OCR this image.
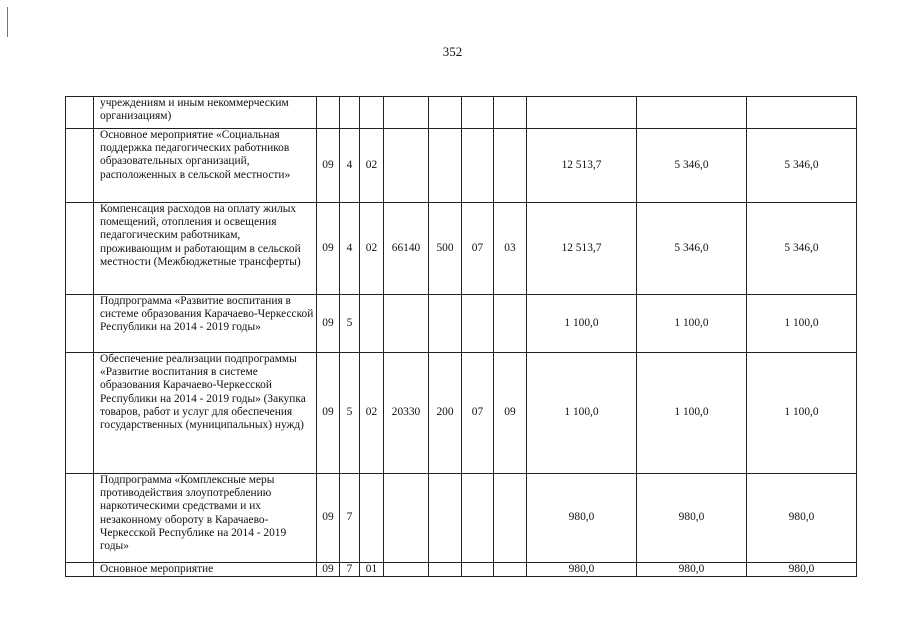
352
	учреждениям и иным некоммерческим организациям)										
	Основное мероприятие «Социальная поддержка педагогических работников образовательных организаций, расположенных в сельской местности»	09	4	02					12 513,7	5 346,0	5 346,0
	Компенсация расходов на оплату жилых помещений, отопления и освещения педагогическим работникам, проживающим и работающим в сельской местности (Межбюджетные трансферты)	09	4	02	66140	500	07	03	12 513,7	5 346,0	5 346,0
	Подпрограмма «Развитие воспитания в системе образования Карачаево-Черкесской Республики на 2014 - 2019 годы»	09	5						1 100,0	1 100,0	1 100,0
	Обеспечение реализации подпрограммы «Развитие воспитания в системе образования Карачаево-Черкесской Республики на 2014 - 2019 годы» (Закупка товаров, работ и услуг для обеспечения государственных (муниципальных) нужд)	09	5	02	20330	200	07	09	1 100,0	1 100,0	1 100,0
	Подпрограмма «Комплексные меры противодействия злоупотреблению наркотическими средствами и их незаконному обороту в Карачаево-Черкесской Республике на 2014 - 2019 годы»	09	7						980,0	980,0	980,0
	Основное мероприятие	09	7	01					980,0	980,0	980,0
